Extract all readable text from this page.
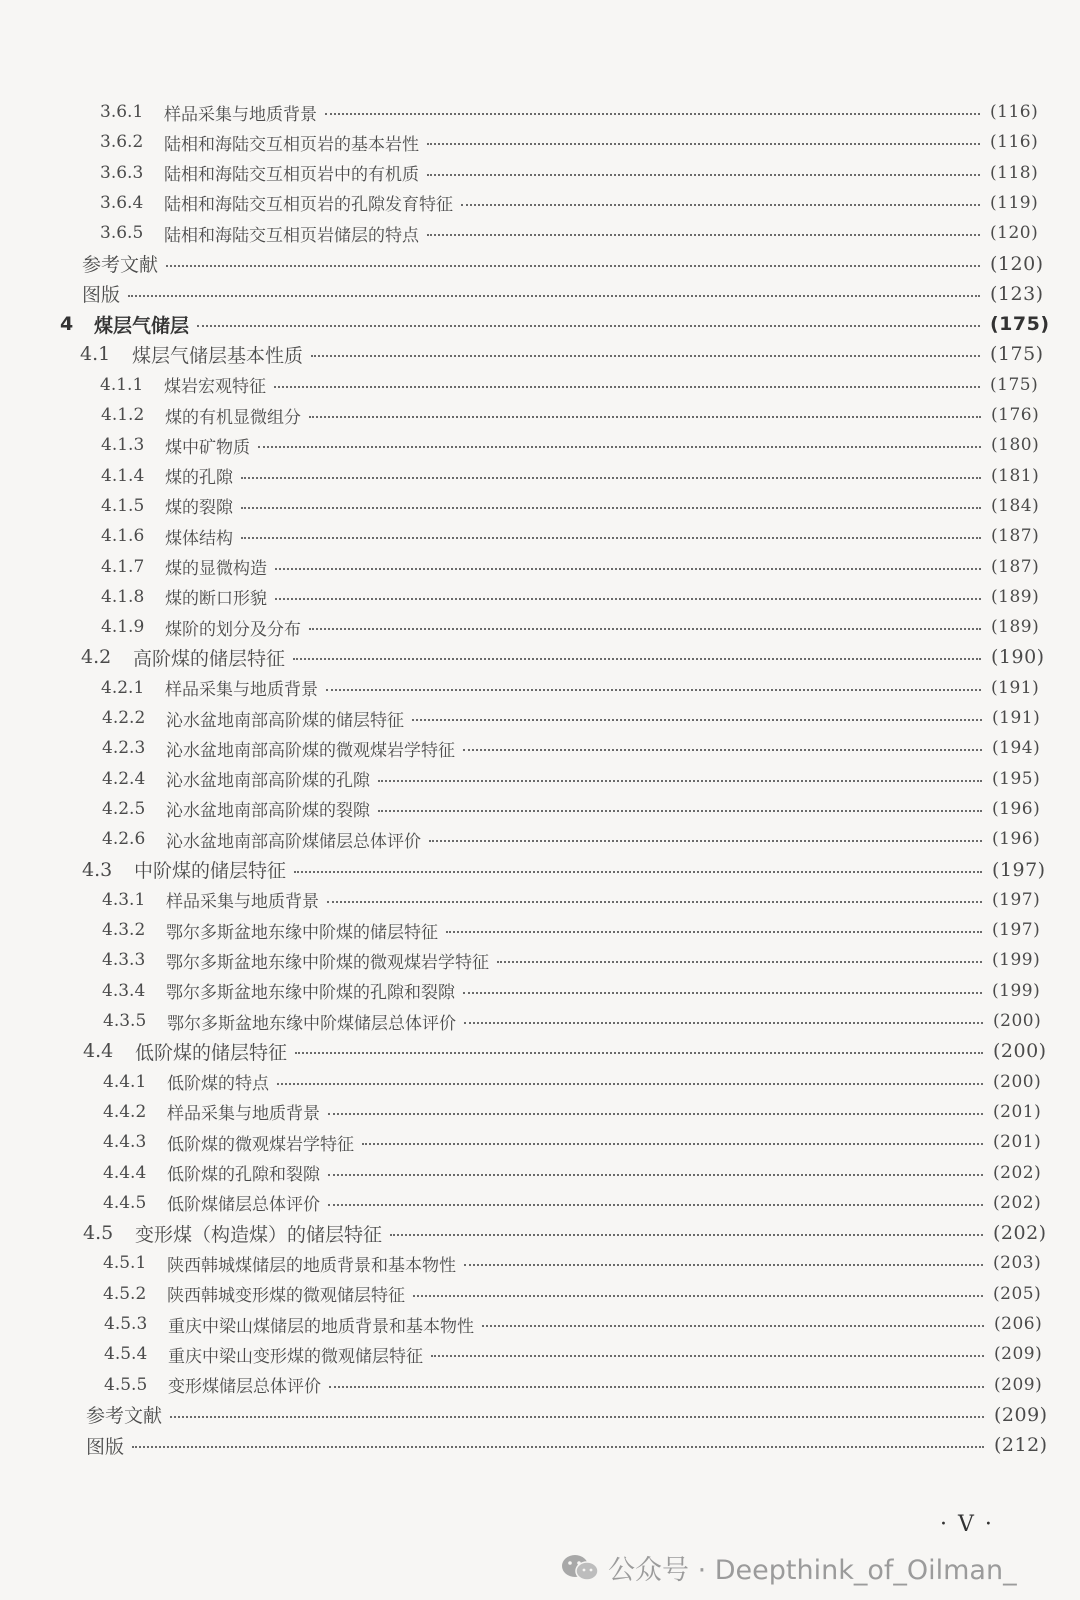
3.6.1	样品采集与地质背景	(116)
3.6.2	陆相和海陆交互相页岩的基本岩性	(116)
3.6.3	陆相和海陆交互相页岩中的有机质	(118)
3.6.4	陆相和海陆交互相页岩的孔隙发育特征	(119)
3.6.5	陆相和海陆交互相页岩储层的特点	(120)
参考文献	(120)
图版	(123)
4	煤层气储层	(175)
4.1	煤层气储层基本性质	(175)
4.1.1	煤岩宏观特征	(175)
4.1.2	煤的有机显微组分	(176)
4.1.3	煤中矿物质	(180)
4.1.4	煤的孔隙	(181)
4.1.5	煤的裂隙	(184)
4.1.6	煤体结构	(187)
4.1.7	煤的显微构造	(187)
4.1.8	煤的断口形貌	(189)
4.1.9	煤阶的划分及分布	(189)
4.2	高阶煤的储层特征	(190)
4.2.1	样品采集与地质背景	(191)
4.2.2	沁水盆地南部高阶煤的储层特征	(191)
4.2.3	沁水盆地南部高阶煤的微观煤岩学特征	(194)
4.2.4	沁水盆地南部高阶煤的孔隙	(195)
4.2.5	沁水盆地南部高阶煤的裂隙	(196)
4.2.6	沁水盆地南部高阶煤储层总体评价	(196)
4.3	中阶煤的储层特征	(197)
4.3.1	样品采集与地质背景	(197)
4.3.2	鄂尔多斯盆地东缘中阶煤的储层特征	(197)
4.3.3	鄂尔多斯盆地东缘中阶煤的微观煤岩学特征	(199)
4.3.4	鄂尔多斯盆地东缘中阶煤的孔隙和裂隙	(199)
4.3.5	鄂尔多斯盆地东缘中阶煤储层总体评价	(200)
4.4	低阶煤的储层特征	(200)
4.4.1	低阶煤的特点	(200)
4.4.2	样品采集与地质背景	(201)
4.4.3	低阶煤的微观煤岩学特征	(201)
4.4.4	低阶煤的孔隙和裂隙	(202)
4.4.5	低阶煤储层总体评价	(202)
4.5	变形煤（构造煤）的储层特征	(202)
4.5.1	陕西韩城煤储层的地质背景和基本物性	(203)
4.5.2	陕西韩城变形煤的微观储层特征	(205)
4.5.3	重庆中梁山煤储层的地质背景和基本物性	(206)
4.5.4	重庆中梁山变形煤的微观储层特征	(209)
4.5.5	变形煤储层总体评价	(209)
参考文献	(209)
图版	(212)
· V ·
公众号 · Deepthink_of_Oilman_
